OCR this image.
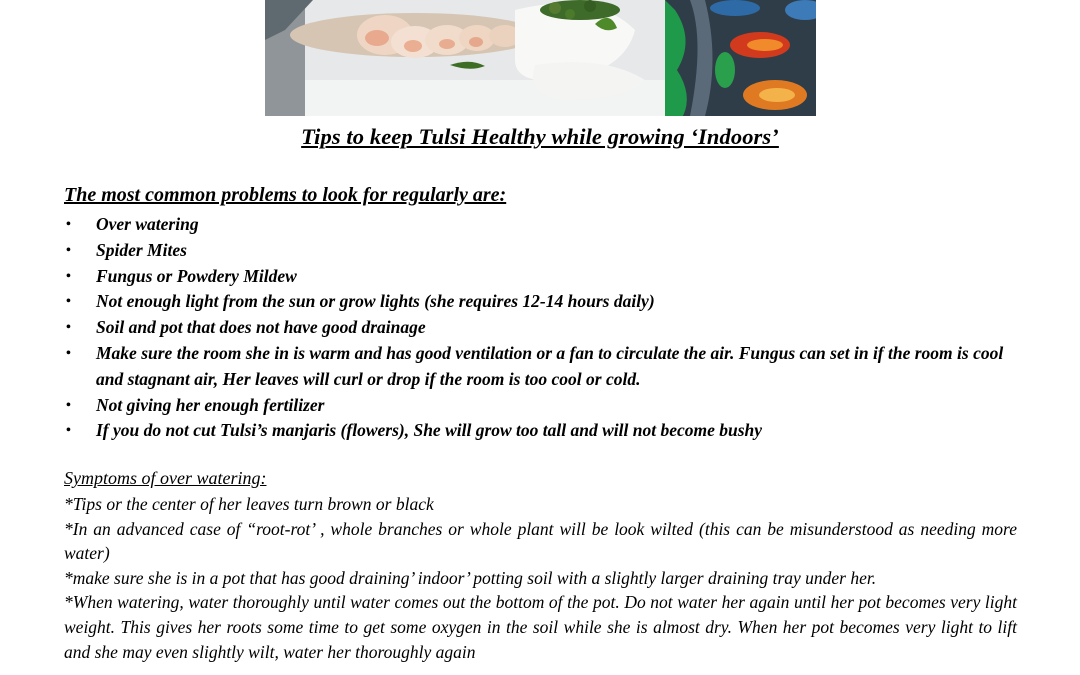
Tips to keep Tulsi Healthy while growing ‘Indoors’
The most common problems to look for regularly are:
• Over watering
• Spider Mites
• Fungus or Powdery Mildew
• Not enough light from the sun or grow lights (she requires 12-14 hours daily)
• Soil and pot that does not have good drainage
• Make sure the room she in is warm and has good ventilation or a fan to circulate the air. Fungus can set in if the room is cool and stagnant air, Her leaves will curl or drop if the room is too cool or cold.
• Not giving her enough fertilizer
• If you do not cut Tulsi’s manjaris (flowers), She will grow too tall and will not become bushy
Symptoms of over watering:

*Tips or the center of her leaves turn brown or black

*In an advanced case of “root-rot’ , whole branches or whole plant will be look wilted (this can be misunderstood as needing more water)

*make sure she is in a pot that has good draining’ indoor’ potting soil with a slightly larger draining tray under her.

*When watering, water thoroughly until water comes out the bottom of the pot. Do not water her again until her pot becomes very light weight. This gives her roots some time to get some oxygen in the soil while she is almost dry. When her pot becomes very light to lift and she may even slightly wilt, water her thoroughly again
